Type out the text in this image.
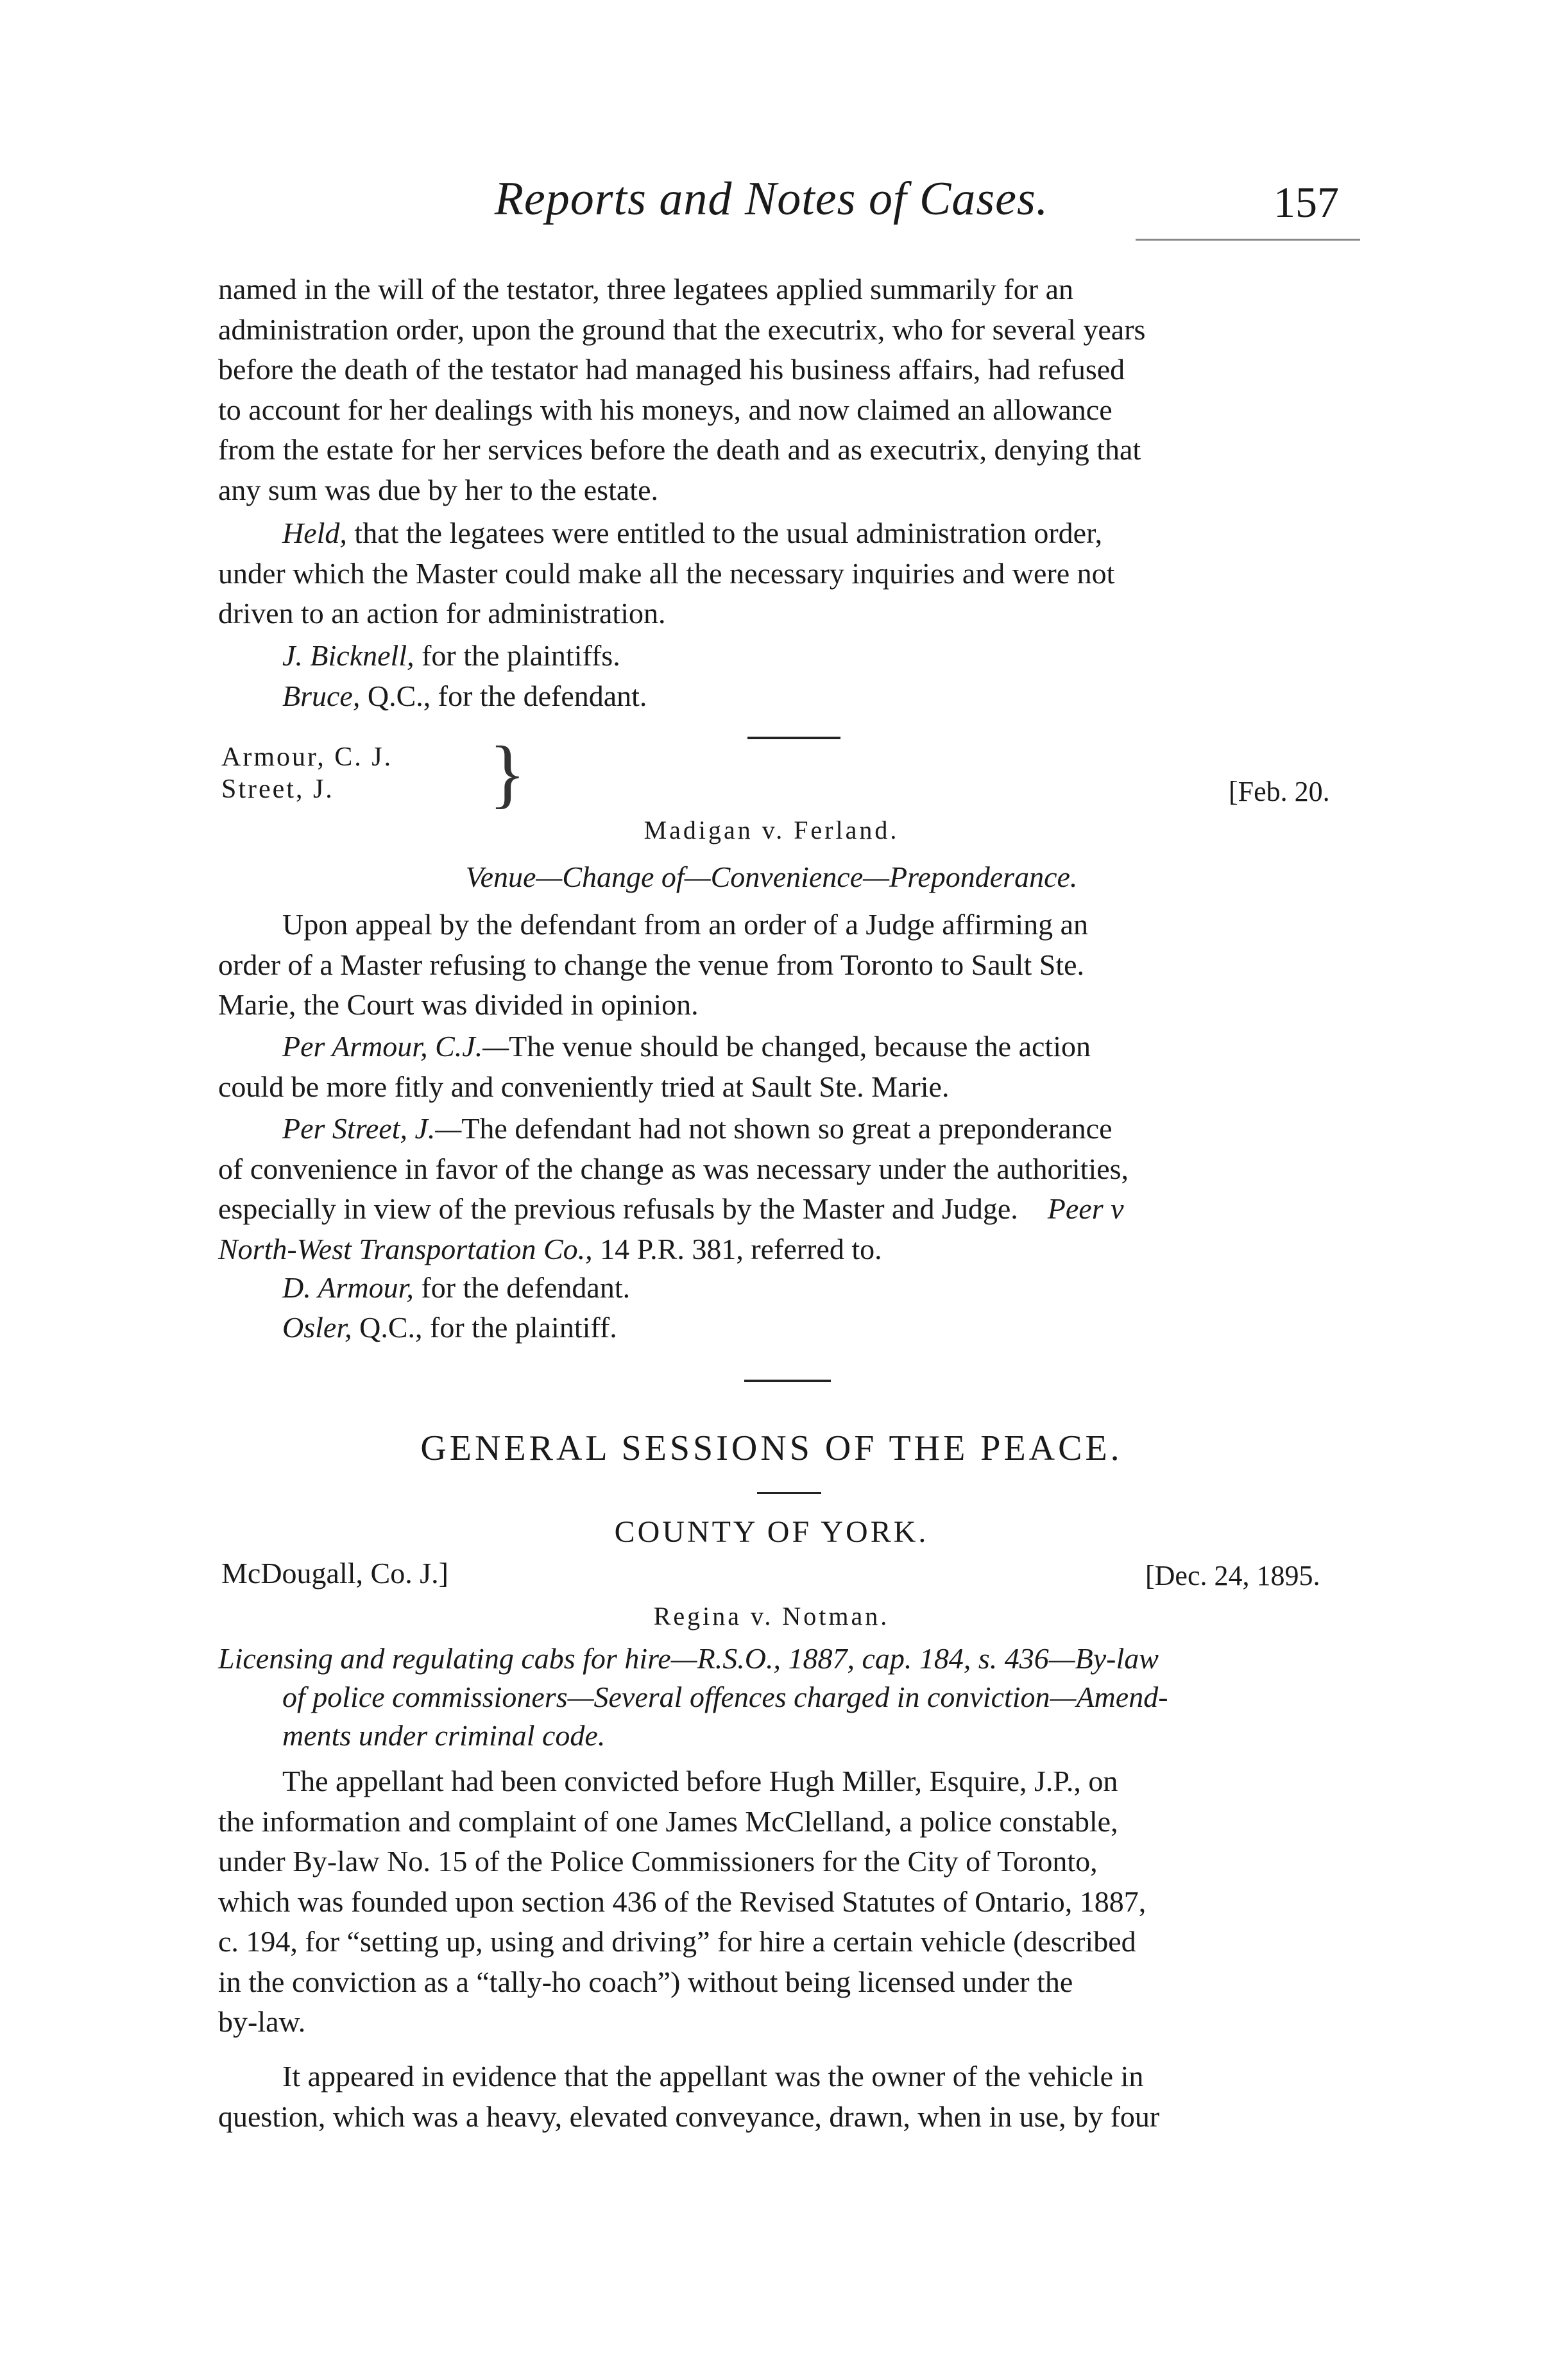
Reports and Notes of Cases.	157
named in the will of the testator, three legatees applied summarily for an
administration order, upon the ground that the executrix, who for several years
before the death of the testator had managed his business affairs, had refused
to account for her dealings with his moneys, and now claimed an allowance
from the estate for her services before the death and as executrix, denying that
any sum was due by her to the estate.
Held, that the legatees were entitled to the usual administration order,
under which the Master could make all the necessary inquiries and were not
driven to an action for administration.
J. Bicknell, for the plaintiffs.
Bruce, Q.C., for the defendant.
Armour, C. J.
Street, J.	}	[Feb. 20.
Madigan v. Ferland.
Venue—Change of—Convenience—Preponderance.
Upon appeal by the defendant from an order of a Judge affirming an
order of a Master refusing to change the venue from Toronto to Sault Ste.
Marie, the Court was divided in opinion.
Per Armour, C.J.—The venue should be changed, because the action
could be more fitly and conveniently tried at Sault Ste. Marie.
Per Street, J.—The defendant had not shown so great a preponderance
of convenience in favor of the change as was necessary under the authorities,
especially in view of the previous refusals by the Master and Judge. Peer v
North-West Transportation Co., 14 P.R. 381, referred to.
D. Armour, for the defendant.
Osler, Q.C., for the plaintiff.
GENERAL SESSIONS OF THE PEACE.
COUNTY OF YORK.
McDougall, Co. J.]	[Dec. 24, 1895.
Regina v. Notman.
Licensing and regulating cabs for hire—R.S.O., 1887, cap. 184, s. 436—By-law
of police commissioners—Several offences charged in conviction—Amend-
ments under criminal code.
The appellant had been convicted before Hugh Miller, Esquire, J.P., on
the information and complaint of one James McClelland, a police constable,
under By-law No. 15 of the Police Commissioners for the City of Toronto,
which was founded upon section 436 of the Revised Statutes of Ontario, 1887,
c. 194, for “setting up, using and driving” for hire a certain vehicle (described
in the conviction as a “tally-ho coach”) without being licensed under the
by-law.
It appeared in evidence that the appellant was the owner of the vehicle in
question, which was a heavy, elevated conveyance, drawn, when in use, by four
